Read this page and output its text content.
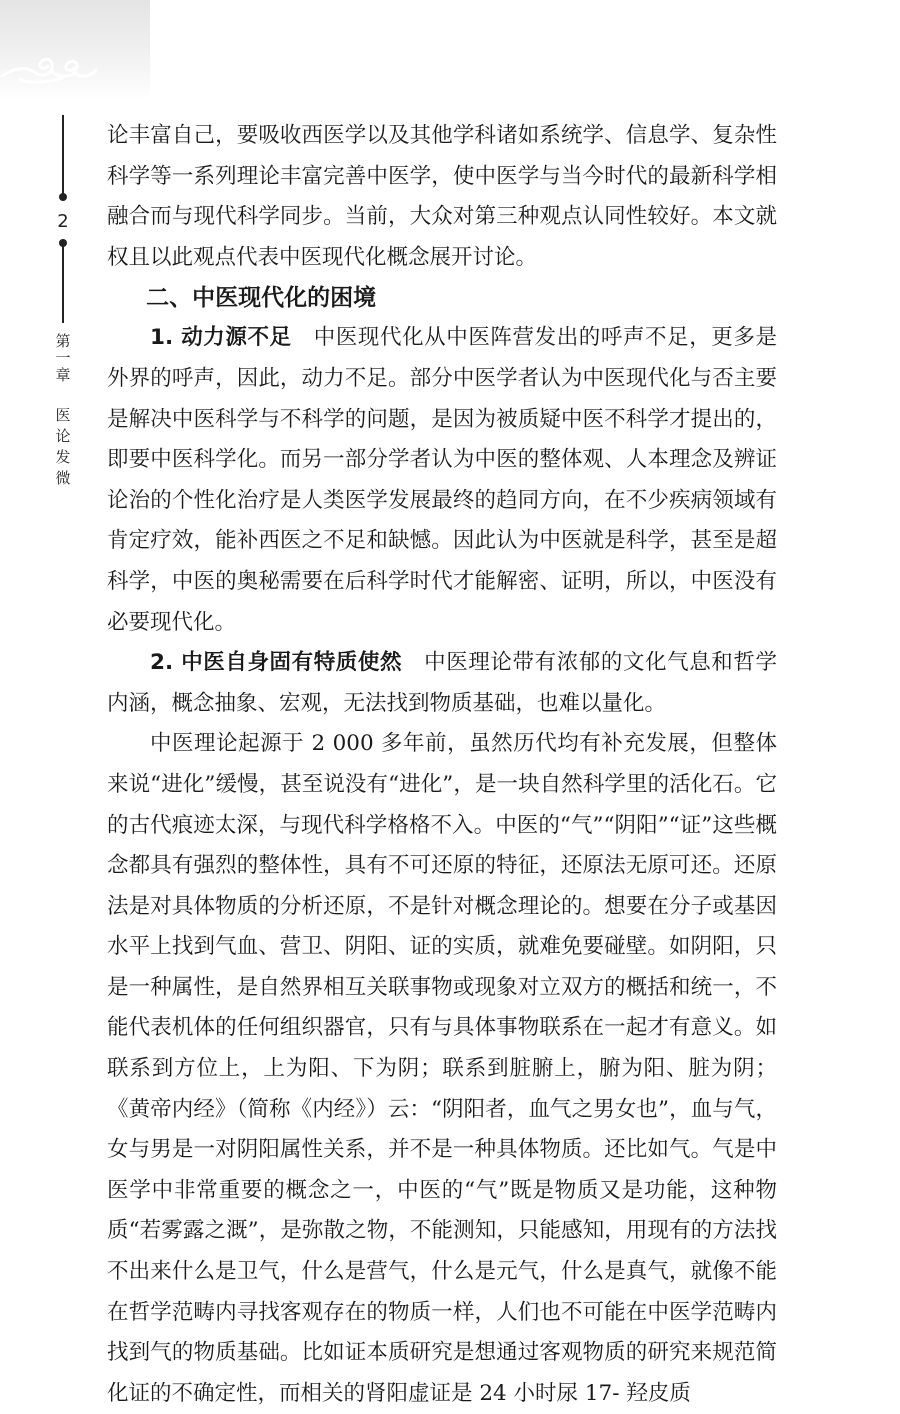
2
第一章
医论发微

论丰富自己，要吸收西医学以及其他学科诸如系统学、信息学、复杂性科学等一系列理论丰富完善中医学，使中医学与当今时代的最新科学相融合而与现代科学同步。当前，大众对第三种观点认同性较好。本文就权且以此观点代表中医现代化概念展开讨论。

二、中医现代化的困境

1. 动力源不足　 中医现代化从中医阵营发出的呼声不足，更多是外界的呼声，因此，动力不足。部分中医学者认为中医现代化与否主要是解决中医科学与不科学的问题，是因为被质疑中医不科学才提出的，即要中医科学化。而另一部分学者认为中医的整体观、人本理念及辨证论治的个性化治疗是人类医学发展最终的趋同方向，在不少疾病领域有肯定疗效，能补西医之不足和缺憾。因此认为中医就是科学，甚至是超科学，中医的奥秘需要在后科学时代才能解密、证明，所以，中医没有必要现代化。

2. 中医自身固有特质使然　 中医理论带有浓郁的文化气息和哲学内涵，概念抽象、宏观，无法找到物质基础，也难以量化。

中医理论起源于 2 000 多年前，虽然历代均有补充发展，但整体来说“进化”缓慢，甚至说没有“进化”，是一块自然科学里的活化石。它的古代痕迹太深，与现代科学格格不入。中医的“气”“阴阳”“证”这些概念都具有强烈的整体性，具有不可还原的特征，还原法无原可还。还原法是对具体物质的分析还原，不是针对概念理论的。想要在分子或基因水平上找到气血、营卫、阴阳、证的实质，就难免要碰壁。如阴阳，只是一种属性，是自然界相互关联事物或现象对立双方的概括和统一，不能代表机体的任何组织器官，只有与具体事物联系在一起才有意义。如联系到方位上，上为阳、下为阴；联系到脏腑上，腑为阳、脏为阴；《黄帝内经》（简称《内经》）云：“阴阳者，血气之男女也”，血与气，女与男是一对阴阳属性关系，并不是一种具体物质。还比如气。气是中医学中非常重要的概念之一，中医的“气”既是物质又是功能，这种物质“若雾露之溉”，是弥散之物，不能测知，只能感知，用现有的方法找不出来什么是卫气，什么是营气，什么是元气，什么是真气，就像不能在哲学范畴内寻找客观存在的物质一样，人们也不可能在中医学范畴内找到气的物质基础。比如证本质研究是想通过客观物质的研究来规范简化证的不确定性，而相关的肾阳虚证是 24 小时尿 17- 羟皮质
